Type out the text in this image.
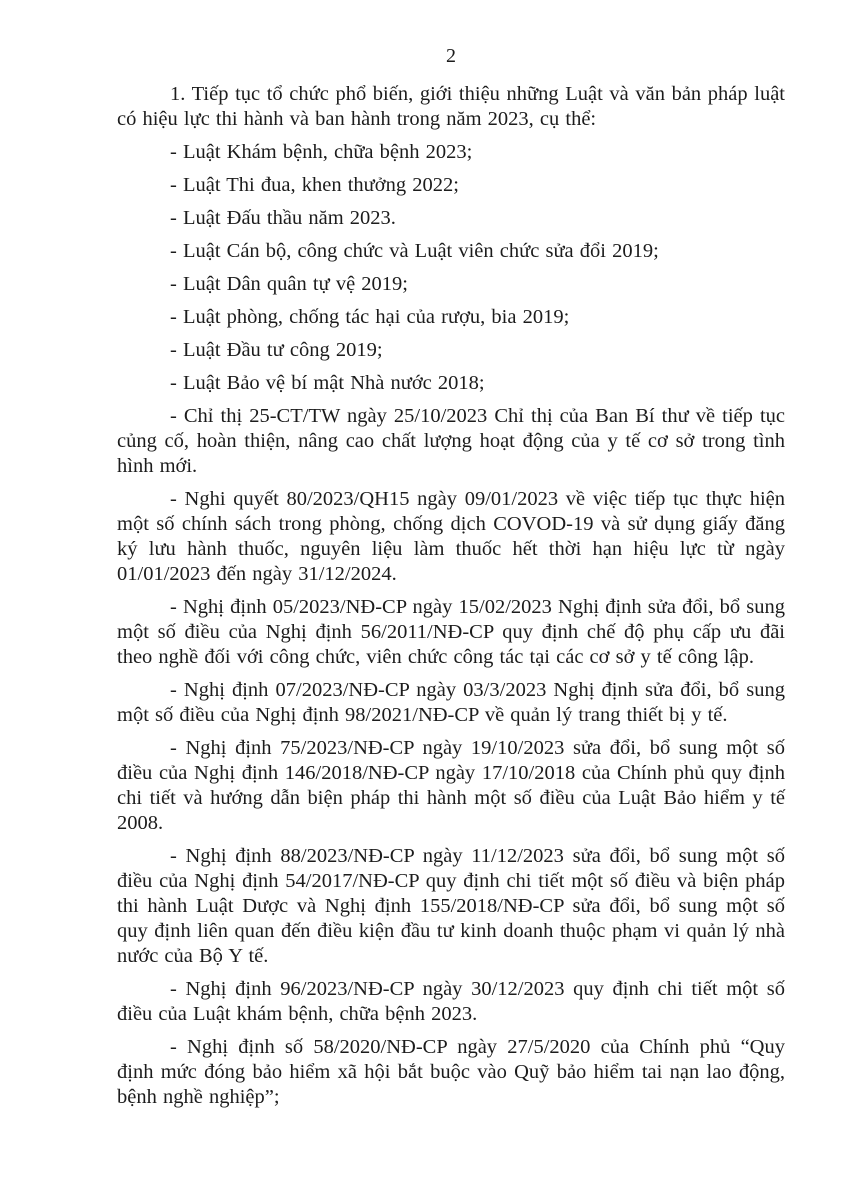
2

1. Tiếp tục tổ chức phổ biến, giới thiệu những Luật và văn bản pháp luật có hiệu lực thi hành và ban hành trong năm 2023, cụ thể:

- Luật Khám bệnh, chữa bệnh 2023;

- Luật Thi đua, khen thưởng 2022;

- Luật Đấu thầu năm 2023.

- Luật Cán bộ, công chức và Luật viên chức sửa đổi 2019;

- Luật Dân quân tự vệ 2019;

- Luật phòng, chống tác hại của rượu, bia 2019;

- Luật Đầu tư công 2019;

- Luật Bảo vệ bí mật Nhà nước 2018;

- Chỉ thị 25-CT/TW ngày 25/10/2023 Chỉ thị của Ban Bí thư về tiếp tục củng cố, hoàn thiện, nâng cao chất lượng hoạt động của y tế cơ sở trong tình hình mới.

- Nghi quyết 80/2023/QH15 ngày 09/01/2023 về việc tiếp tục thực hiện một số chính sách trong phòng, chống dịch COVOD-19 và sử dụng giấy đăng ký lưu hành thuốc, nguyên liệu làm thuốc hết thời hạn hiệu lực từ ngày 01/01/2023 đến ngày 31/12/2024.

- Nghị định 05/2023/NĐ-CP ngày 15/02/2023 Nghị định sửa đổi, bổ sung một số điều của Nghị định 56/2011/NĐ-CP quy định chế độ phụ cấp ưu đãi theo nghề đối với công chức, viên chức công tác tại các cơ sở y tế công lập.

- Nghị định 07/2023/NĐ-CP ngày 03/3/2023 Nghị định sửa đổi, bổ sung một số điều của Nghị định 98/2021/NĐ-CP về quản lý trang thiết bị y tế.

- Nghị định 75/2023/NĐ-CP ngày 19/10/2023 sửa đổi, bổ sung một số điều của Nghị định 146/2018/NĐ-CP ngày 17/10/2018 của Chính phủ quy định chi tiết và hướng dẫn biện pháp thi hành một số điều của Luật Bảo hiểm y tế 2008.

- Nghị định 88/2023/NĐ-CP ngày 11/12/2023 sửa đổi, bổ sung một số điều của Nghị định 54/2017/NĐ-CP quy định chi tiết một số điều và biện pháp thi hành Luật Dược và Nghị định 155/2018/NĐ-CP sửa đổi, bổ sung một số quy định liên quan đến điều kiện đầu tư kinh doanh thuộc phạm vi quản lý nhà nước của Bộ Y tế.

- Nghị định 96/2023/NĐ-CP ngày 30/12/2023 quy định chi tiết một số điều của Luật khám bệnh, chữa bệnh 2023.

- Nghị định số 58/2020/NĐ-CP ngày 27/5/2020 của Chính phủ “Quy định mức đóng bảo hiểm xã hội bắt buộc vào Quỹ bảo hiểm tai nạn lao động, bệnh nghề nghiệp”;
